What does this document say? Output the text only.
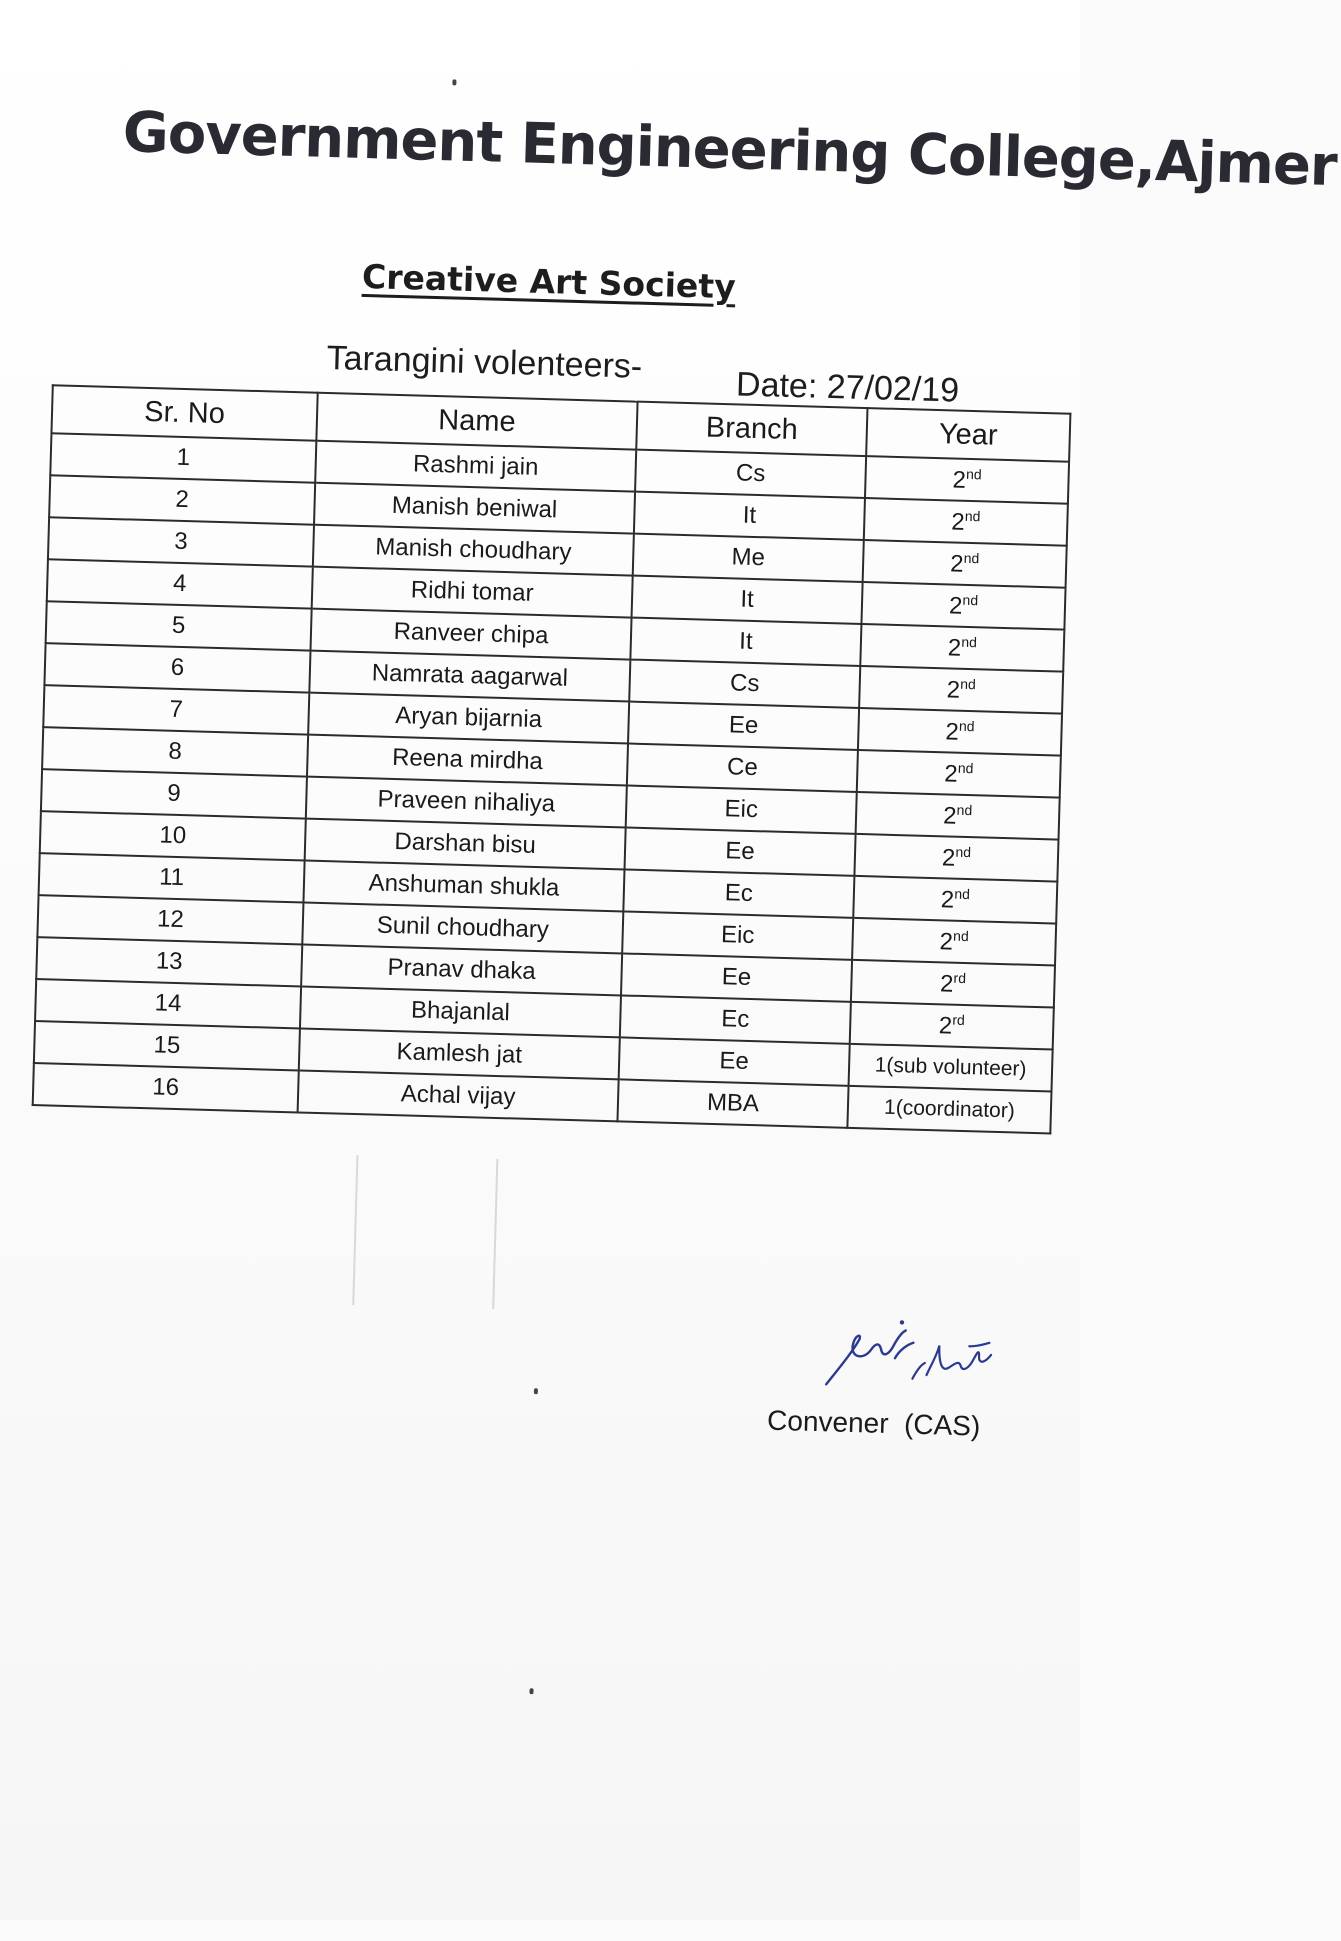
Government Engineering College,Ajmer
Creative Art Society
Tarangini volenteers-
Date: 27/02/19
Sr. No	Name	Branch	Year
1	Rashmi jain	Cs	2nd
2	Manish beniwal	It	2nd
3	Manish choudhary	Me	2nd
4	Ridhi tomar	It	2nd
5	Ranveer chipa	It	2nd
6	Namrata aagarwal	Cs	2nd
7	Aryan bijarnia	Ee	2nd
8	Reena mirdha	Ce	2nd
9	Praveen nihaliya	Eic	2nd
10	Darshan bisu	Ee	2nd
11	Anshuman shukla	Ec	2nd
12	Sunil choudhary	Eic	2nd
13	Pranav dhaka	Ee	2rd
14	Bhajanlal	Ec	2rd
15	Kamlesh jat	Ee	1(sub volunteer)
16	Achal vijay	MBA	1(coordinator)
Convener  (CAS)
